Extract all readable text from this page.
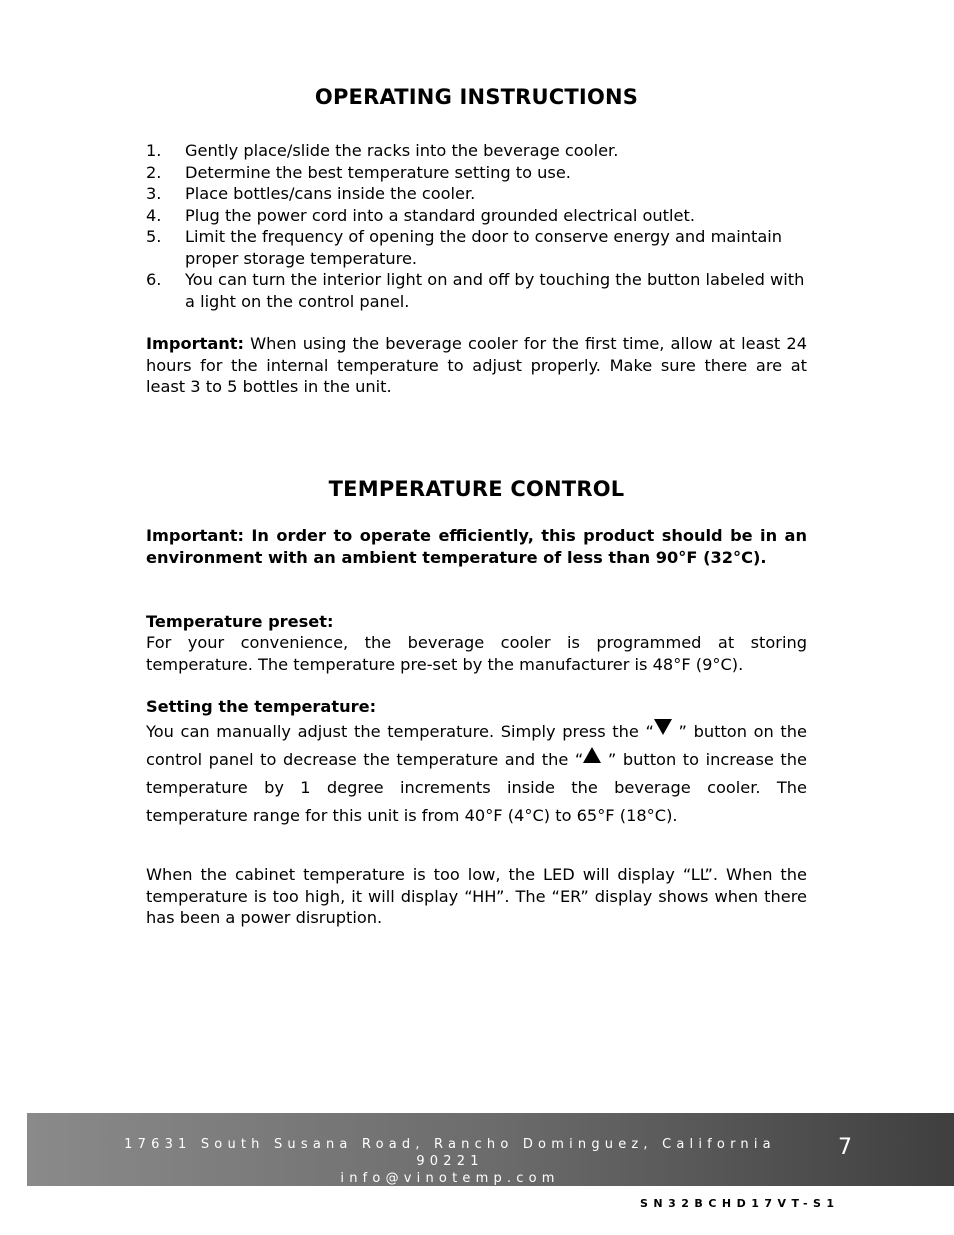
OPERATING INSTRUCTIONS
1. Gently place/slide the racks into the beverage cooler.
2. Determine the best temperature setting to use.
3. Place bottles/cans inside the cooler.
4. Plug the power cord into a standard grounded electrical outlet.
5. Limit the frequency of opening the door to conserve energy and maintain proper storage temperature.
6. You can turn the interior light on and off by touching the button labeled with a light on the control panel.

Important: When using the beverage cooler for the first time, allow at least 24 hours for the internal temperature to adjust properly. Make sure there are at least 3 to 5 bottles in the unit.

TEMPERATURE CONTROL

Important: In order to operate efficiently, this product should be in an environment with an ambient temperature of less than 90°F (32°C).

Temperature preset:

For your convenience, the beverage cooler is programmed at storing temperature. The temperature pre-set by the manufacturer is 48°F (9°C).

Setting the temperature:

You can manually adjust the temperature. Simply press the “ ” button on the control panel to decrease the temperature and the “ ” button to increase the temperature by 1 degree increments inside the beverage cooler. The temperature range for this unit is from 40°F (4°C) to 65°F (18°C).

When the cabinet temperature is too low, the LED will display “LL”. When the temperature is too high, it will display “HH”. The “ER” display shows when there has been a power disruption.

17631 South Susana Road, Rancho Dominguez, California 90221
info@vinotemp.com
7
SN32BCHD17VT-S1
